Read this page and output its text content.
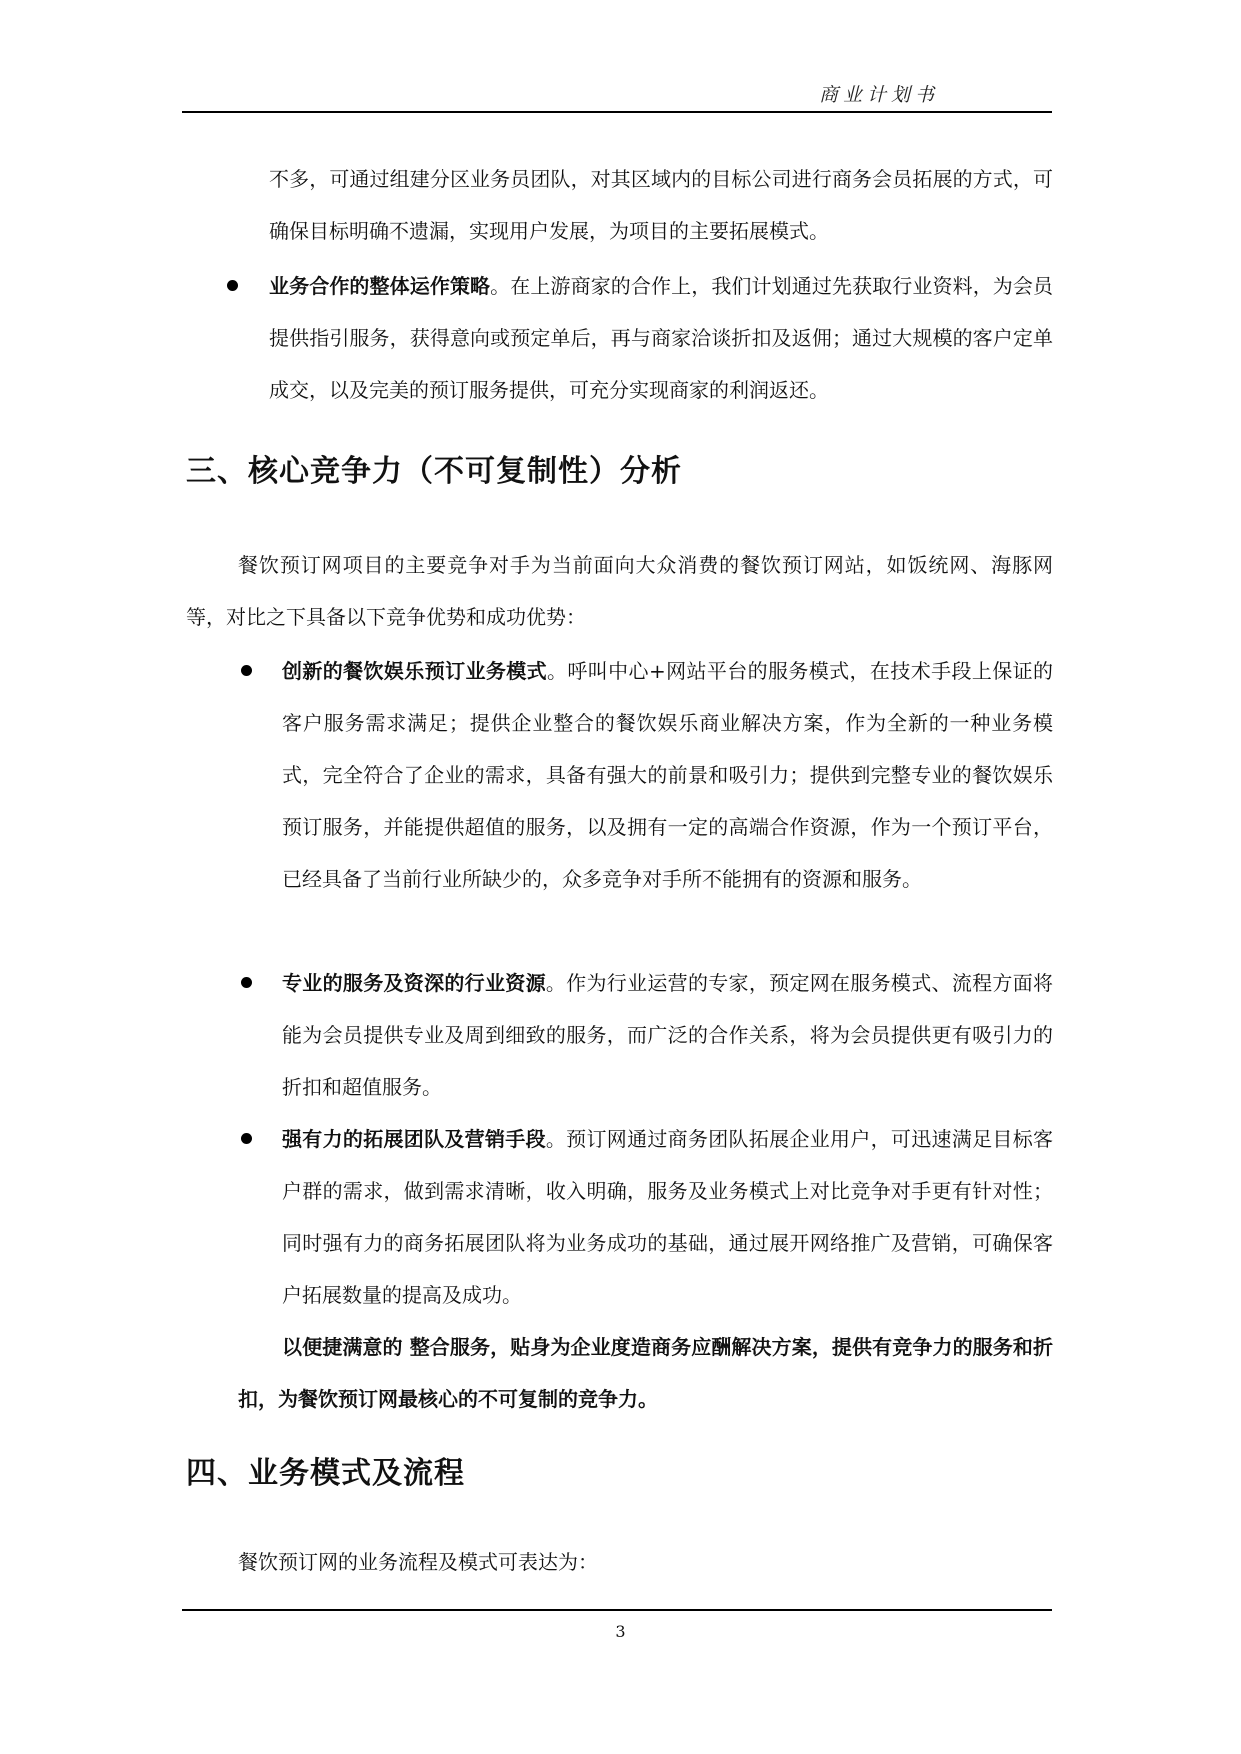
商业计划书
不多，可通过组建分区业务员团队，对其区域内的目标公司进行商务会员拓展的方式，可确保目标明确不遗漏，实现用户发展，为项目的主要拓展模式。
业务合作的整体运作策略。在上游商家的合作上，我们计划通过先获取行业资料，为会员提供指引服务，获得意向或预定单后，再与商家洽谈折扣及返佣；通过大规模的客户定单成交，以及完美的预订服务提供，可充分实现商家的利润返还。
三、核心竞争力（不可复制性）分析
餐饮预订网项目的主要竞争对手为当前面向大众消费的餐饮预订网站，如饭统网、海豚网等，对比之下具备以下竞争优势和成功优势：
创新的餐饮娱乐预订业务模式。呼叫中心+网站平台的服务模式，在技术手段上保证的客户服务需求满足；提供企业整合的餐饮娱乐商业解决方案，作为全新的一种业务模式，完全符合了企业的需求，具备有强大的前景和吸引力；提供到完整专业的餐饮娱乐预订服务，并能提供超值的服务，以及拥有一定的高端合作资源，作为一个预订平台，已经具备了当前行业所缺少的，众多竞争对手所不能拥有的资源和服务。
专业的服务及资深的行业资源。作为行业运营的专家，预定网在服务模式、流程方面将能为会员提供专业及周到细致的服务，而广泛的合作关系，将为会员提供更有吸引力的折扣和超值服务。
强有力的拓展团队及营销手段。预订网通过商务团队拓展企业用户，可迅速满足目标客户群的需求，做到需求清晰，收入明确，服务及业务模式上对比竞争对手更有针对性；同时强有力的商务拓展团队将为业务成功的基础，通过展开网络推广及营销，可确保客户拓展数量的提高及成功。
以便捷满意的 整合服务，贴身为企业度造商务应酬解决方案，提供有竞争力的服务和折扣，为餐饮预订网最核心的不可复制的竞争力。
四、业务模式及流程
餐饮预订网的业务流程及模式可表达为：
3
